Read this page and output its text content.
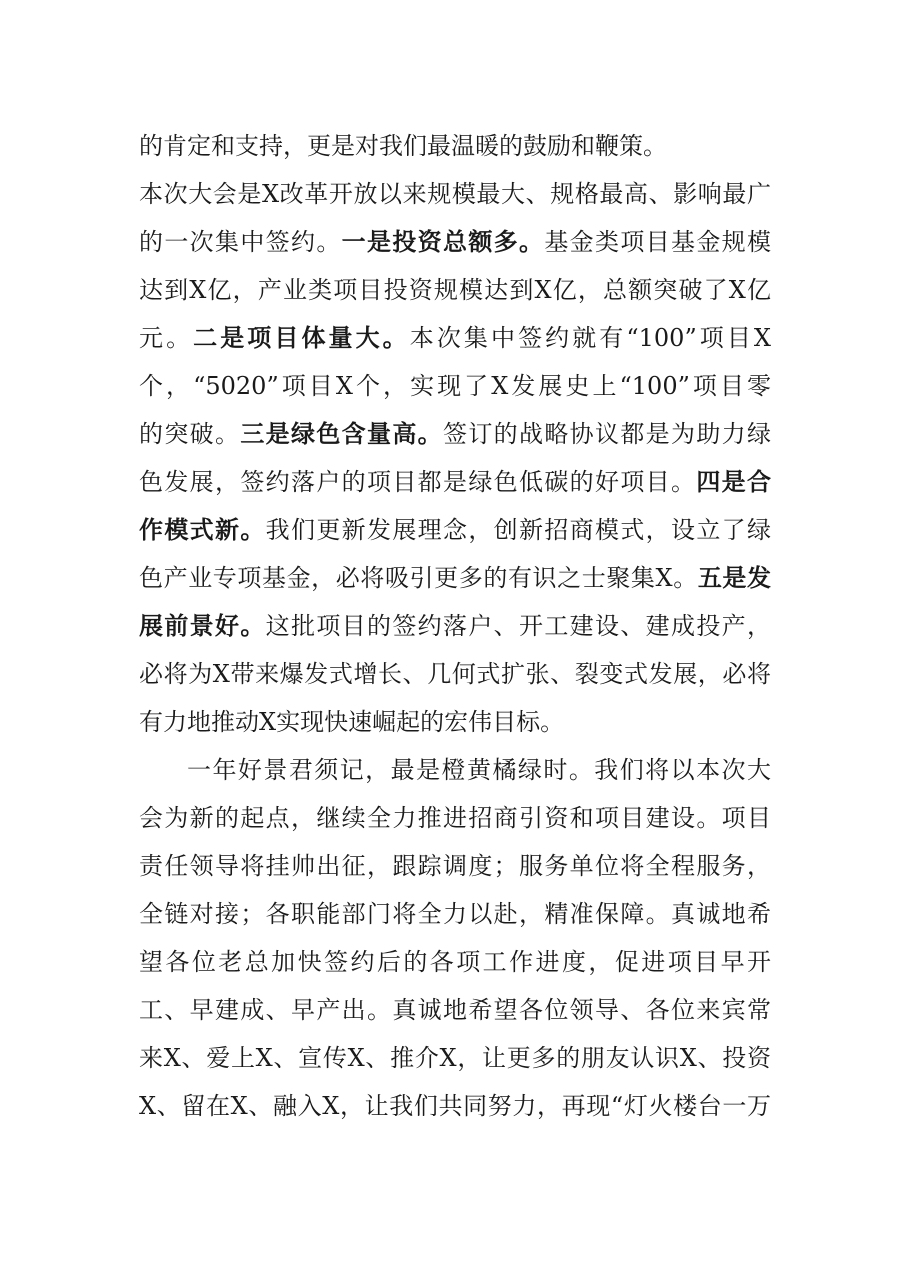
的肯定和支持，更是对我们最温暖的鼓励和鞭策。
本次大会是X改革开放以来规模最大、规格最高、影响最广
的一次集中签约。一是投资总额多。基金类项目基金规模
达到X亿，产业类项目投资规模达到X亿，总额突破了X亿
元。二是项目体量大。本次集中签约就有“100”项目X
个，“5020”项目X个，实现了X发展史上“100”项目零
的突破。三是绿色含量高。签订的战略协议都是为助力绿
色发展，签约落户的项目都是绿色低碳的好项目。四是合
作模式新。我们更新发展理念，创新招商模式，设立了绿
色产业专项基金，必将吸引更多的有识之士聚集X。五是发
展前景好。这批项目的签约落户、开工建设、建成投产，
必将为X带来爆发式增长、几何式扩张、裂变式发展，必将
有力地推动X实现快速崛起的宏伟目标。
一年好景君须记，最是橙黄橘绿时。我们将以本次大
会为新的起点，继续全力推进招商引资和项目建设。项目
责任领导将挂帅出征，跟踪调度；服务单位将全程服务，
全链对接；各职能部门将全力以赴，精准保障。真诚地希
望各位老总加快签约后的各项工作进度，促进项目早开
工、早建成、早产出。真诚地希望各位领导、各位来宾常
来X、爱上X、宣传X、推介X，让更多的朋友认识X、投资
X、留在X、融入X，让我们共同努力，再现“灯火楼台一万
